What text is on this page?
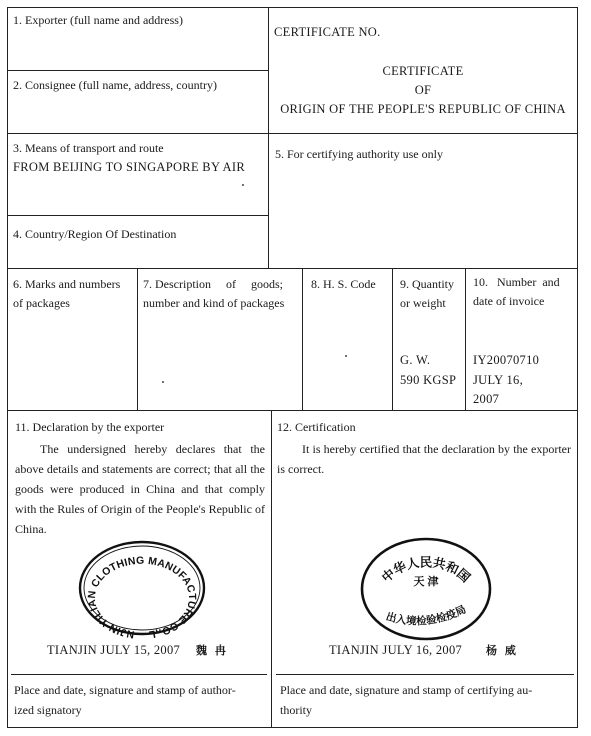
1. Exporter (full name and address)
2. Consignee (full name, address, country)
3. Means of transport and route
FROM BEIJING TO SINGAPORE BY AIR
4. Country/Region Of Destination
CERTIFICATE NO.
CERTIFICATE
OF
ORIGIN OF THE PEOPLE'S REPUBLIC OF CHINA
5. For certifying authority use only
6. Marks and numbers
of packages
7. Description     of     goods;
number and kind of packages
8. H. S. Code 9. Quantity
or weight
10.   Number  and
date of invoice
G. W.
590 KGSP
IY20070710
JULY 16,
2007
11. Declaration by the exporter
The undersigned hereby declares that the above details and statements are correct; that all the goods were produced in China and that comply with the Rules of Origin of the People's Republic of China.	TIANJIN YILIAN CLOTHING MANUFACTURE CO.,LTD.
TIANJIN JULY 15, 2007 魏 冉
Place and date, signature and stamp of author-
ized signatory
12. Certification
It is hereby certified that the declaration by the exporter is correct.
中华人民共和国
天 津
出入境检验检疫局
TIANJIN JULY 16, 2007 杨 威
Place and date, signature and stamp of certifying au-
thority
